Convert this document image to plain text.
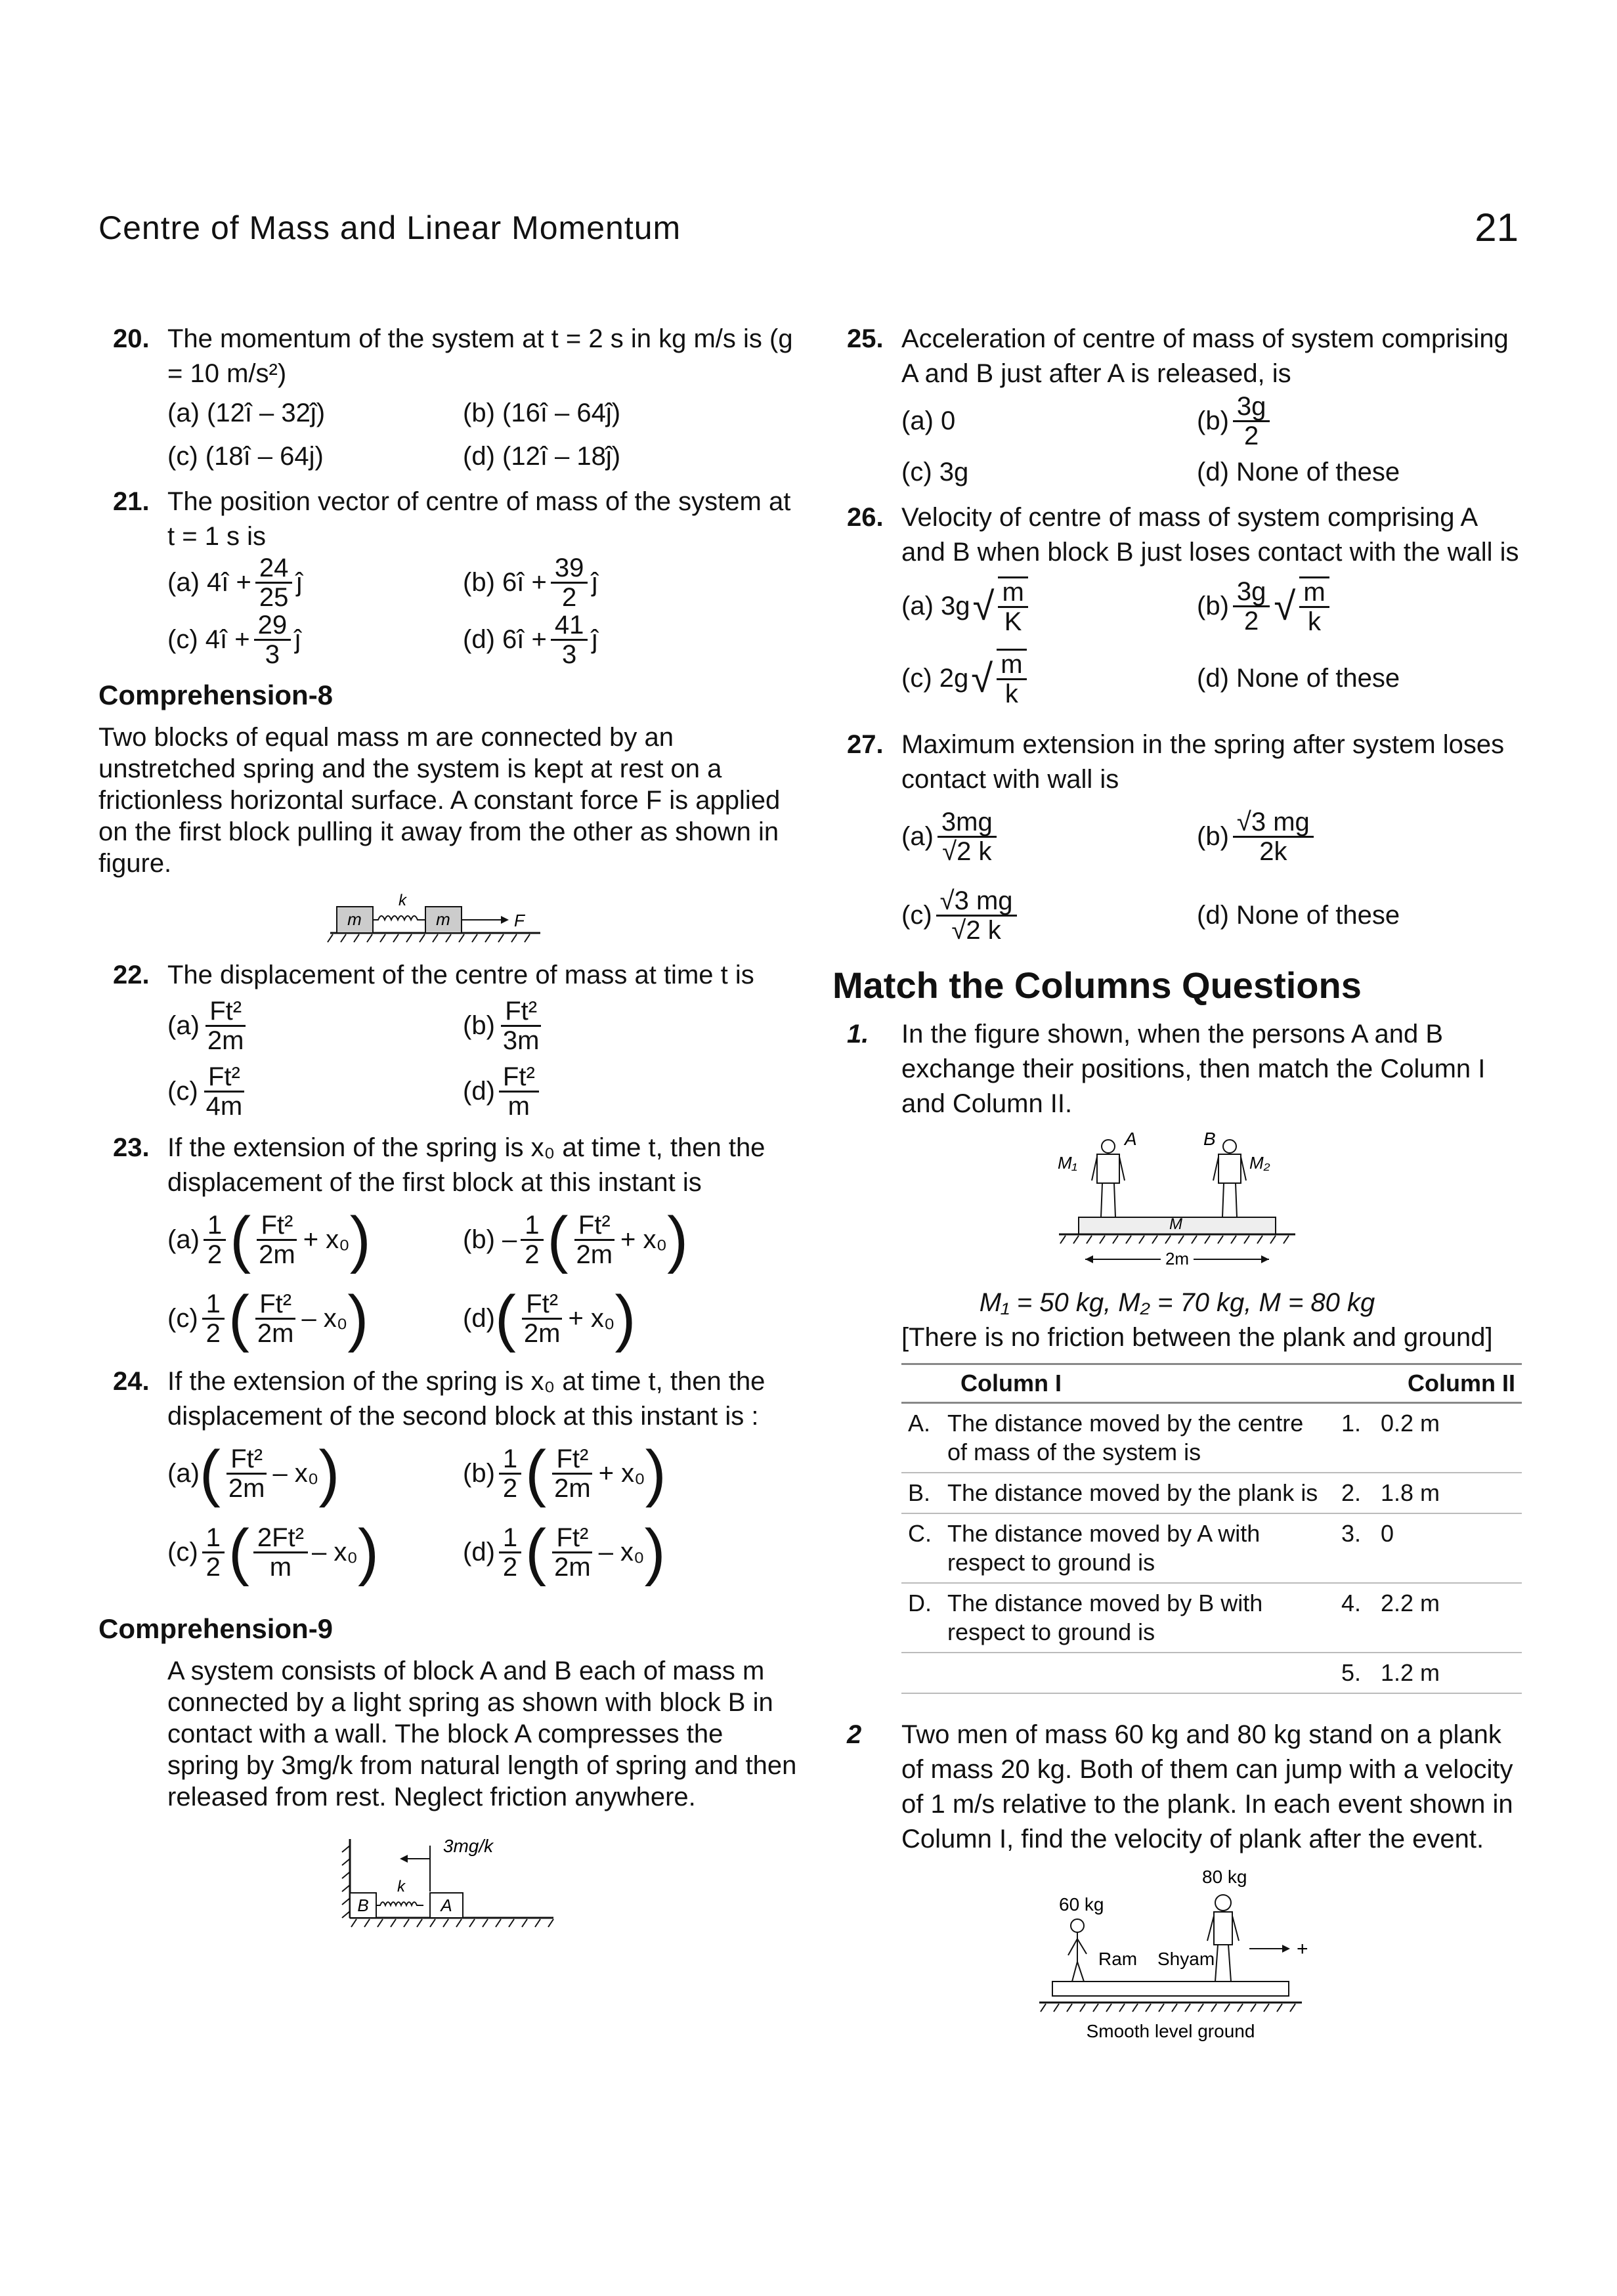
Centre of Mass and Linear Momentum	21
20. The momentum of the system at t = 2 s in kg m/s is (g = 10 m/s²)
(a) (12î – 32ĵ)	(b) (16î – 64ĵ)
(c) (18î – 64j)	(d) (12î – 18ĵ)
21. The position vector of centre of mass of the system at t = 1 s is
(a) 4î + $\frac{24}{25}$ ĵ	(b) 6î + $\frac{39}{2}$ ĵ
(c) 4î + $\frac{29}{3}$ ĵ	(d) 6î + $\frac{41}{3}$ ĵ
Comprehension-8
Two blocks of equal mass m are connected by an unstretched spring and the system is kept at rest on a frictionless horizontal surface. A constant force F is applied on the first block pulling it away from the other as shown in figure.
m
k
m	F
22. The displacement of the centre of mass at time t is
$(a) \frac{\text{Ft²}}{2m}$	$(b) \frac{\text{Ft²}}{3m}$
$(c) \frac{\text{Ft²}}{4m}$	$(d) \frac{\text{Ft²}}{m}$
23. If the extension of the spring is x₀ at time t, then the displacement of the first block at this instant is
$(a) \frac{1}{2}$ ( $\frac{\text{Ft²}}{2m} + x_0$ )	$(b) - \frac{1}{2}$ ( $\frac{\text{Ft²}}{2m} + x_0$ )
$(c) \frac{1}{2}$ ( $\frac{\text{Ft²}}{2m} - x_0$ )	(d) ( $\frac{\text{Ft²}}{2m} + x_0$ )
24. If the extension of the spring is x₀ at time t, then the displacement of the second block at this instant is :
(a) ( $\frac{\text{Ft²}}{2m} - x_0$ )	$(b) \frac{1}{2}$ ( $\frac{\text{Ft²}}{2m} + x_0$ )
$(c) \frac{1}{2}$ ( $\frac{\text{2Ft²}}{m} - x_0$ )	$(d) \frac{1}{2}$ ( $\frac{\text{Ft²}}{2m} - x_0$ )
Comprehension-9
A system consists of block A and B each of mass m connected by a light spring as shown with block B in contact with a wall. The block A compresses the spring by 3mg/k from natural length of spring and then released from rest. Neglect friction anywhere.
B
k
A
3mg/k
25. Acceleration of centre of mass of system comprising A and B just after A is released, is
(a) 0	$(b) \frac{3g}{2}$
(c) 3g	(d) None of these
26. Velocity of centre of mass of system comprising A and B when block B just loses contact with the wall is
(a) 3g √ $\frac{m}{K}$	$(b) \frac{3g}{2}$ √ $\frac{m}{k}$
(c) 2g √ $\frac{m}{k}$	(d) None of these
27. Maximum extension in the spring after system loses contact with wall is
$(a) \frac{3mg}{√2 k}$	$(b) \frac{√3 mg}{2k}$
$(c) \frac{√3 mg}{√2 k}$	(d) None of these
Match the Columns Questions
1. In the figure shown, when the persons A and B exchange their positions, then match the Column I and Column II.
A	B
M₁	M₂
M
2m
M₁ = 50 kg, M₂ = 70 kg, M = 80 kg
[There is no friction between the plank and ground]
Column I		Column II	
A.	The distance moved by the centre of mass of the system is	1.	0.2 m
B.	The distance moved by the plank is	2.	1.8 m
C.	The distance moved by A with respect to ground is	3.	0
D.	The distance moved by B with respect to ground is	4.	2.2 m
		5.	1.2 m
2 Two men of mass 60 kg and 80 kg stand on a plank of mass 20 kg. Both of them can jump with a velocity of 1 m/s relative to the plank. In each event shown in Column I, find the velocity of plank after the event.
80 kg
60 kg
Ram Shyam	+
Smooth level ground
